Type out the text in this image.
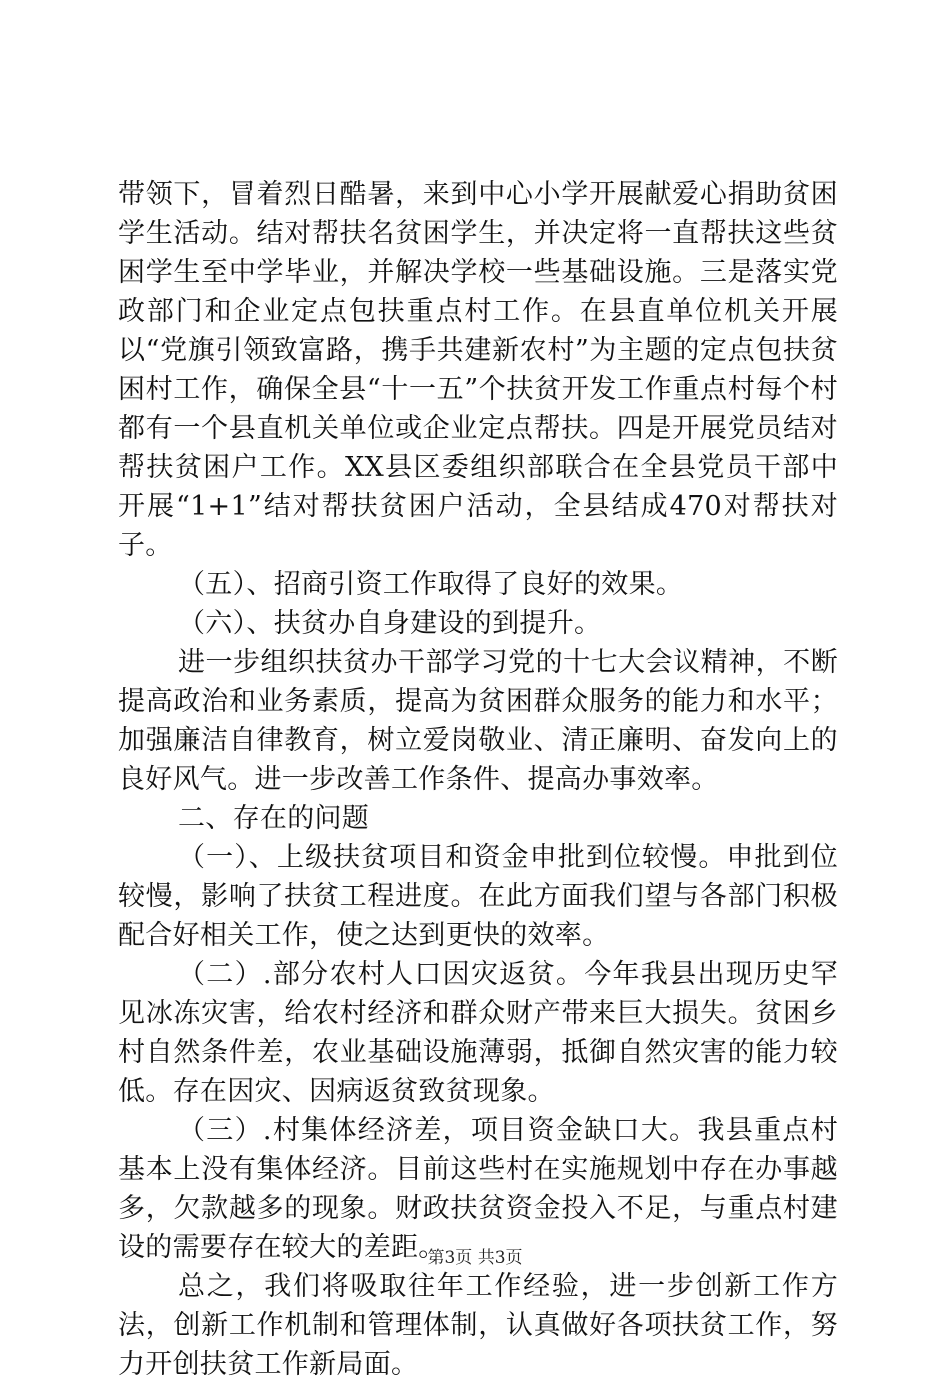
带领下，冒着烈日酷暑，来到中心小学开展献爱心捐助贫困学生活动。结对帮扶名贫困学生，并决定将一直帮扶这些贫困学生至中学毕业，并解决学校一些基础设施。三是落实党政部门和企业定点包扶重点村工作。在县直单位机关开展以“党旗引领致富路，携手共建新农村”为主题的定点包扶贫困村工作，确保全县“十一五”个扶贫开发工作重点村每个村都有一个县直机关单位或企业定点帮扶。四是开展党员结对帮扶贫困户工作。XX县区委组织部联合在全县党员干部中开展“1+1”结对帮扶贫困户活动，全县结成470对帮扶对子。

（五）、招商引资工作取得了良好的效果。

（六）、扶贫办自身建设的到提升。

进一步组织扶贫办干部学习党的十七大会议精神，不断提高政治和业务素质，提高为贫困群众服务的能力和水平；加强廉洁自律教育，树立爱岗敬业、清正廉明、奋发向上的良好风气。进一步改善工作条件、提高办事效率。

二、存在的问题

（一）、上级扶贫项目和资金申批到位较慢。申批到位较慢，影响了扶贫工程进度。在此方面我们望与各部门积极配合好相关工作，使之达到更快的效率。

（二）.部分农村人口因灾返贫。今年我县出现历史罕见冰冻灾害，给农村经济和群众财产带来巨大损失。贫困乡村自然条件差，农业基础设施薄弱，抵御自然灾害的能力较低。存在因灾、因病返贫致贫现象。

（三）.村集体经济差，项目资金缺口大。我县重点村基本上没有集体经济。目前这些村在实施规划中存在办事越多，欠款越多的现象。财政扶贫资金投入不足，与重点村建设的需要存在较大的差距。

总之，我们将吸取往年工作经验，进一步创新工作方法，创新工作机制和管理体制，认真做好各项扶贫工作，努力开创扶贫工作新局面。

第3页 共3页
